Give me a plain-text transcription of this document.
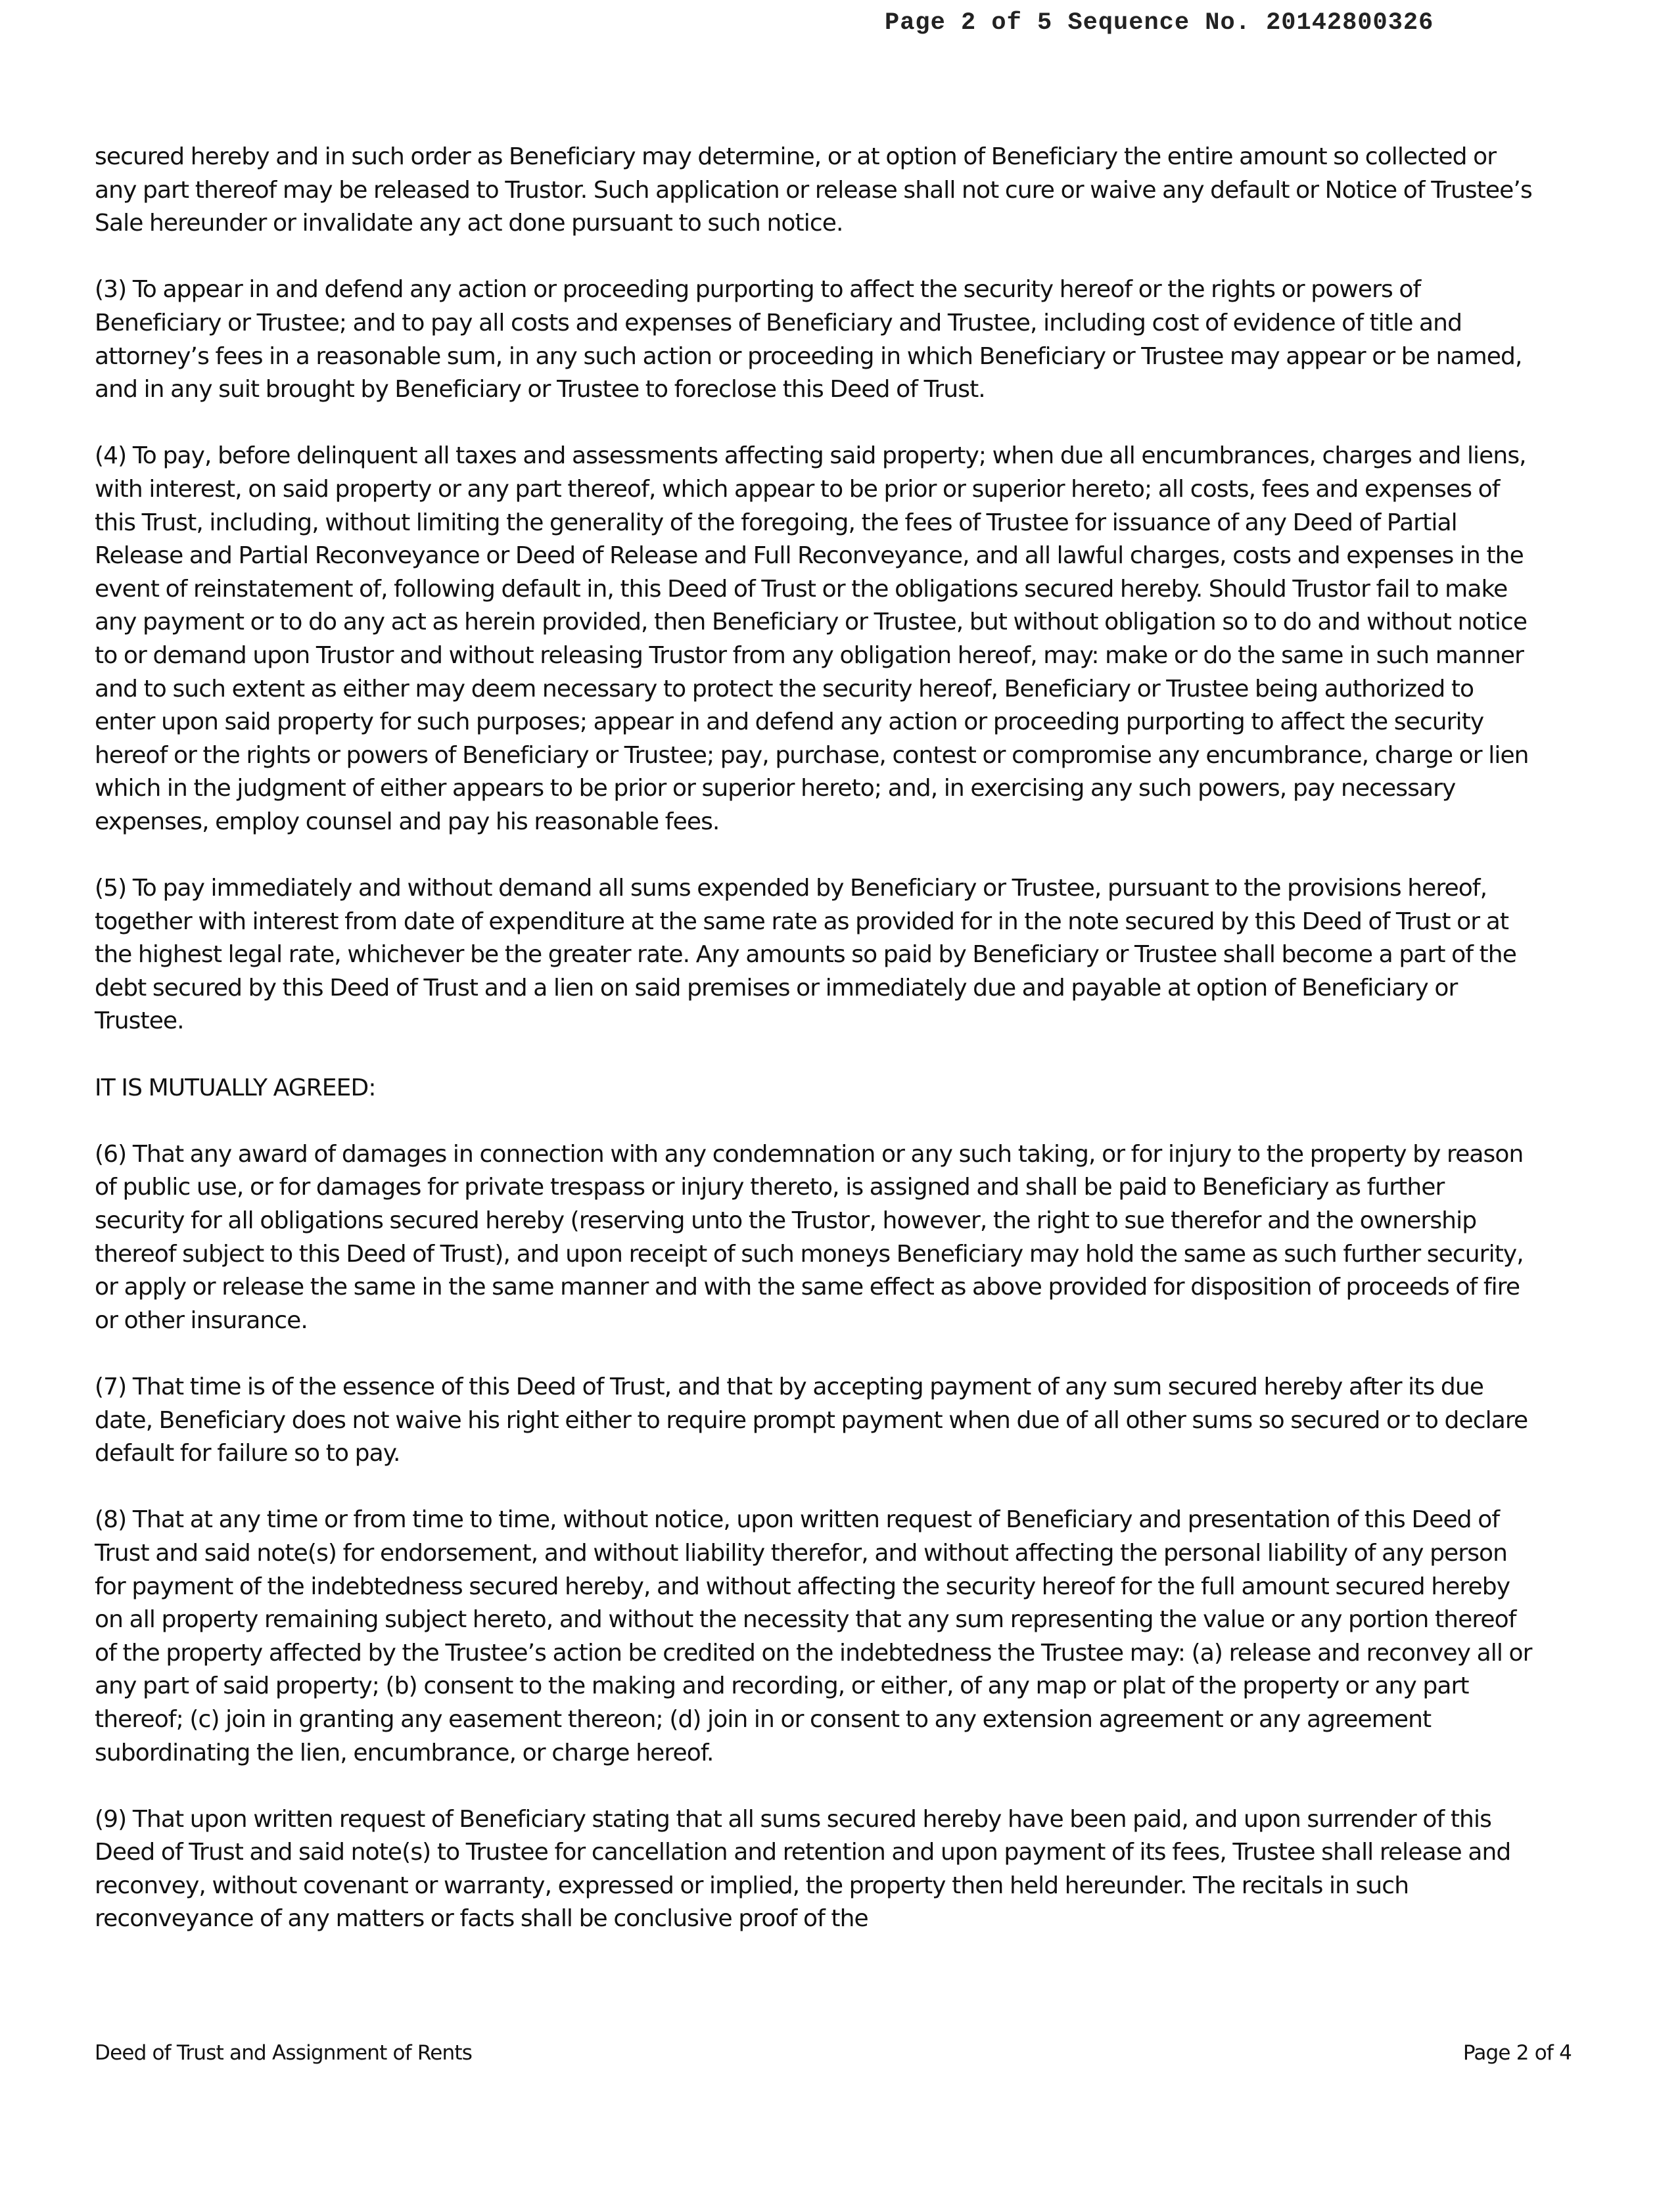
Page 2 of 5 Sequence No. 20142800326

secured hereby and in such order as Beneficiary may determine, or at option of Beneficiary the entire amount so collected or any part thereof may be released to Trustor. Such application or release shall not cure or waive any default or Notice of Trustee’s Sale hereunder or invalidate any act done pursuant to such notice.

(3) To appear in and defend any action or proceeding purporting to affect the security hereof or the rights or powers of Beneficiary or Trustee; and to pay all costs and expenses of Beneficiary and Trustee, including cost of evidence of title and attorney’s fees in a reasonable sum, in any such action or proceeding in which Beneficiary or Trustee may appear or be named, and in any suit brought by Beneficiary or Trustee to foreclose this Deed of Trust.

(4) To pay, before delinquent all taxes and assessments affecting said property; when due all encumbrances, charges and liens, with interest, on said property or any part thereof, which appear to be prior or superior hereto; all costs, fees and expenses of this Trust, including, without limiting the generality of the foregoing, the fees of Trustee for issuance of any Deed of Partial Release and Partial Reconveyance or Deed of Release and Full Reconveyance, and all lawful charges, costs and expenses in the event of reinstatement of, following default in, this Deed of Trust or the obligations secured hereby. Should Trustor fail to make any payment or to do any act as herein provided, then Beneficiary or Trustee, but without obligation so to do and without notice to or demand upon Trustor and without releasing Trustor from any obligation hereof, may: make or do the same in such manner and to such extent as either may deem necessary to protect the security hereof, Beneficiary or Trustee being authorized to enter upon said property for such purposes; appear in and defend any action or proceeding purporting to affect the security hereof or the rights or powers of Beneficiary or Trustee; pay, purchase, contest or compromise any encumbrance, charge or lien which in the judgment of either appears to be prior or superior hereto; and, in exercising any such powers, pay necessary expenses, employ counsel and pay his reasonable fees.

(5) To pay immediately and without demand all sums expended by Beneficiary or Trustee, pursuant to the provisions hereof, together with interest from date of expenditure at the same rate as provided for in the note secured by this Deed of Trust or at the highest legal rate, whichever be the greater rate. Any amounts so paid by Beneficiary or Trustee shall become a part of the debt secured by this Deed of Trust and a lien on said premises or immediately due and payable at option of Beneficiary or Trustee.

IT IS MUTUALLY AGREED:

(6) That any award of damages in connection with any condemnation or any such taking, or for injury to the property by reason of public use, or for damages for private trespass or injury thereto, is assigned and shall be paid to Beneficiary as further security for all obligations secured hereby (reserving unto the Trustor, however, the right to sue therefor and the ownership thereof subject to this Deed of Trust), and upon receipt of such moneys Beneficiary may hold the same as such further security, or apply or release the same in the same manner and with the same effect as above provided for disposition of proceeds of fire or other insurance.

(7) That time is of the essence of this Deed of Trust, and that by accepting payment of any sum secured hereby after its due date, Beneficiary does not waive his right either to require prompt payment when due of all other sums so secured or to declare default for failure so to pay.

(8) That at any time or from time to time, without notice, upon written request of Beneficiary and presentation of this Deed of Trust and said note(s) for endorsement, and without liability therefor, and without affecting the personal liability of any person for payment of the indebtedness secured hereby, and without affecting the security hereof for the full amount secured hereby on all property remaining subject hereto, and without the necessity that any sum representing the value or any portion thereof of the property affected by the Trustee’s action be credited on the indebtedness the Trustee may: (a) release and reconvey all or any part of said property; (b) consent to the making and recording, or either, of any map or plat of the property or any part thereof; (c) join in granting any easement thereon; (d) join in or consent to any extension agreement or any agreement subordinating the lien, encumbrance, or charge hereof.

(9) That upon written request of Beneficiary stating that all sums secured hereby have been paid, and upon surrender of this Deed of Trust and said note(s) to Trustee for cancellation and retention and upon payment of its fees, Trustee shall release and reconvey, without covenant or warranty, expressed or implied, the property then held hereunder. The recitals in such reconveyance of any matters or facts shall be conclusive proof of the

Deed of Trust and Assignment of Rents	Page 2 of 4
